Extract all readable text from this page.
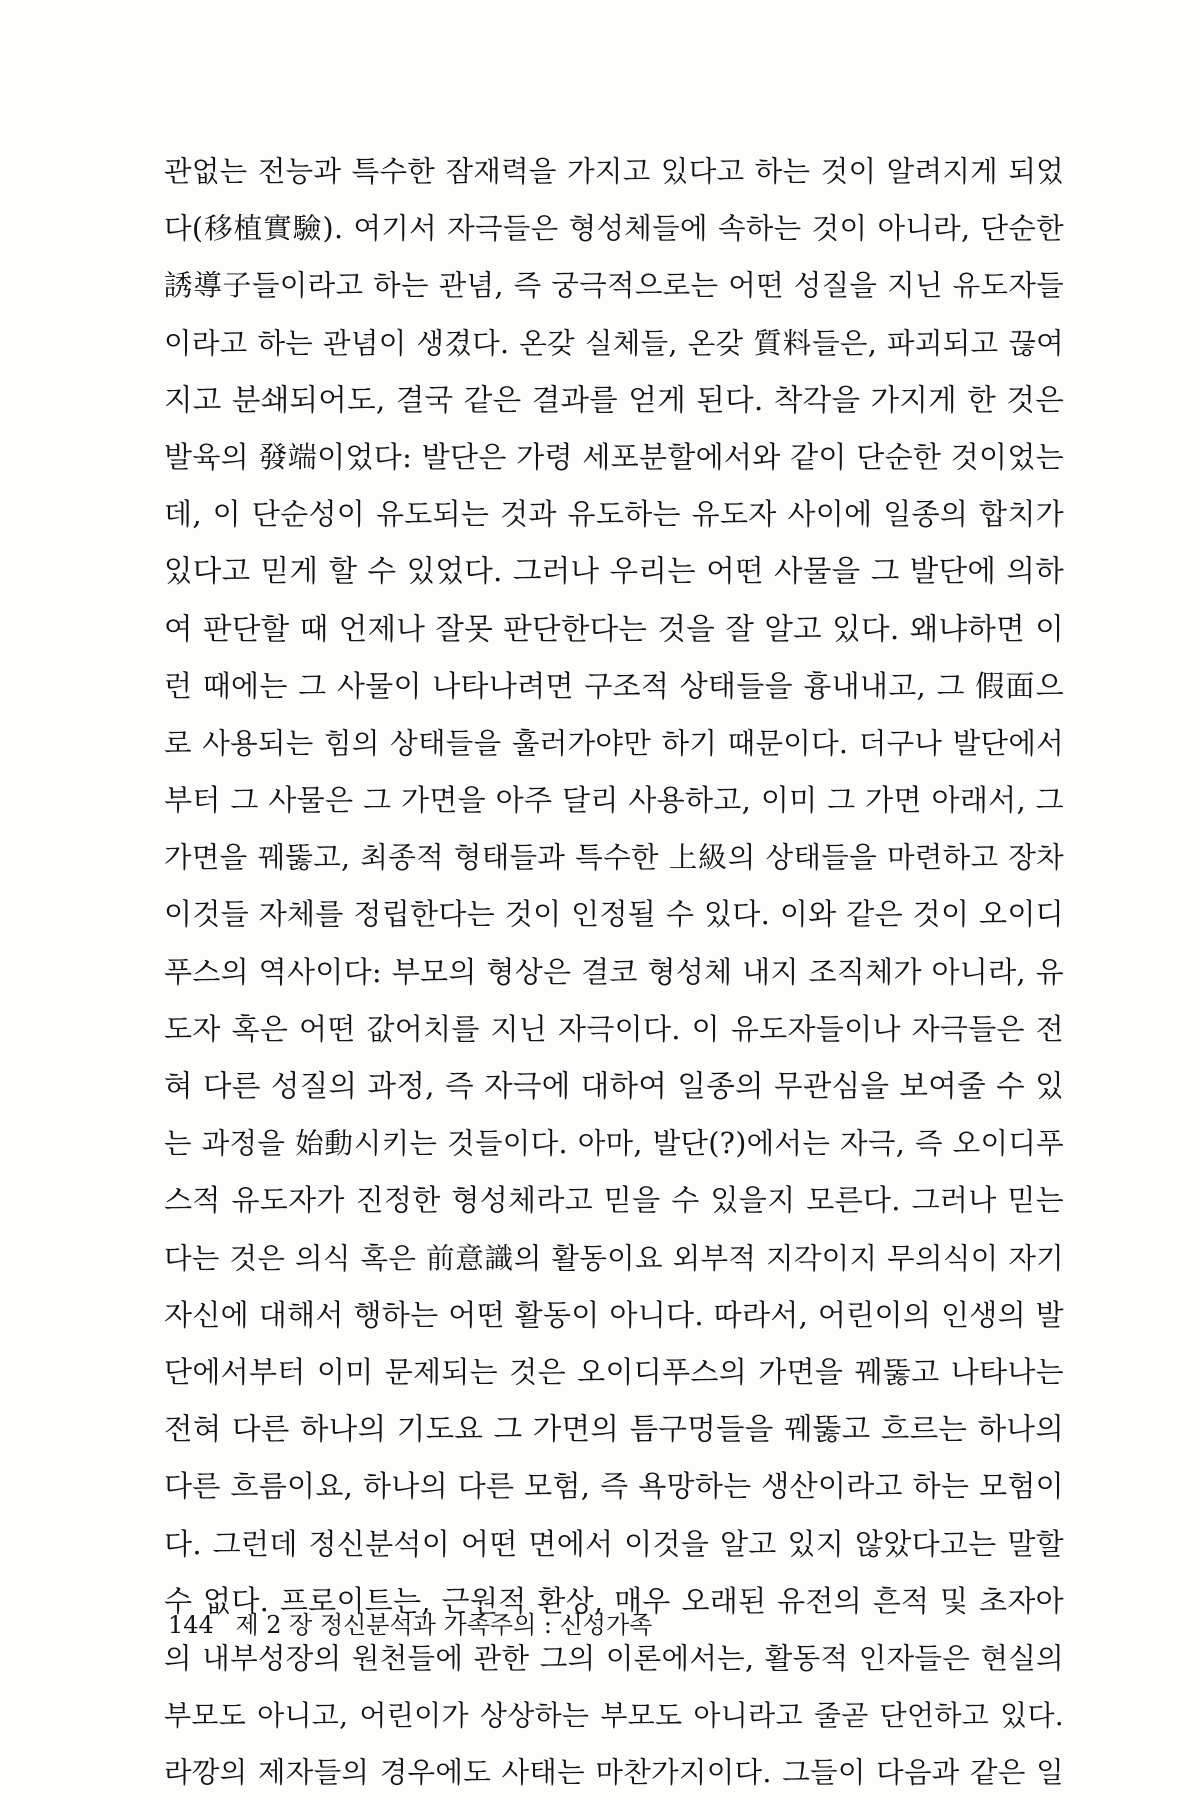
관없는 전능과 특수한 잠재력을 가지고 있다고 하는 것이 알려지게 되었
다(移植實驗). 여기서 자극들은 형성체들에 속하는 것이 아니라, 단순한
誘導子들이라고 하는 관념, 즉 궁극적으로는 어떤 성질을 지닌 유도자들
이라고 하는 관념이 생겼다. 온갖 실체들, 온갖 質料들은, 파괴되고 끊여
지고 분쇄되어도, 결국 같은 결과를 얻게 된다. 착각을 가지게 한 것은
발육의 發端이었다: 발단은 가령 세포분할에서와 같이 단순한 것이었는
데, 이 단순성이 유도되는 것과 유도하는 유도자 사이에 일종의 합치가
있다고 믿게 할 수 있었다. 그러나 우리는 어떤 사물을 그 발단에 의하
여 판단할 때 언제나 잘못 판단한다는 것을 잘 알고 있다. 왜냐하면 이
런 때에는 그 사물이 나타나려면 구조적 상태들을 흉내내고, 그 假面으
로 사용되는 힘의 상태들을 훌러가야만 하기 때문이다. 더구나 발단에서
부터 그 사물은 그 가면을 아주 달리 사용하고, 이미 그 가면 아래서, 그
가면을 꿰뚫고, 최종적 형태들과 특수한 上級의 상태들을 마련하고 장차
이것들 자체를 정립한다는 것이 인정될 수 있다. 이와 같은 것이 오이디
푸스의 역사이다: 부모의 형상은 결코 형성체 내지 조직체가 아니라, 유
도자 혹은 어떤 값어치를 지닌 자극이다. 이 유도자들이나 자극들은 전
혀 다른 성질의 과정, 즉 자극에 대하여 일종의 무관심을 보여줄 수 있
는 과정을 始動시키는 것들이다. 아마, 발단(?)에서는 자극, 즉 오이디푸
스적 유도자가 진정한 형성체라고 믿을 수 있을지 모른다. 그러나 믿는
다는 것은 의식 혹은 前意識의 활동이요 외부적 지각이지 무의식이 자기
자신에 대해서 행하는 어떤 활동이 아니다. 따라서, 어린이의 인생의 발
단에서부터 이미 문제되는 것은 오이디푸스의 가면을 꿰뚫고 나타나는
전혀 다른 하나의 기도요 그 가면의 틈구멍들을 꿰뚫고 흐르는 하나의
다른 흐름이요, 하나의 다른 모험, 즉 욕망하는 생산이라고 하는 모험이
다. 그런데 정신분석이 어떤 면에서 이것을 알고 있지 않았다고는 말할
수 없다. 프로이트는, 근원적 환상, 매우 오래된 유전의 흔적 및 초자아
의 내부성장의 원천들에 관한 그의 이론에서는, 활동적 인자들은 현실의
부모도 아니고, 어린이가 상상하는 부모도 아니라고 줄곧 단언하고 있다.
라깡의 제자들의 경우에도 사태는 마찬가지이다. 그들이 다음과 같은 일
144 제 2 장 정신분석과 가족주의 : 신성가족
